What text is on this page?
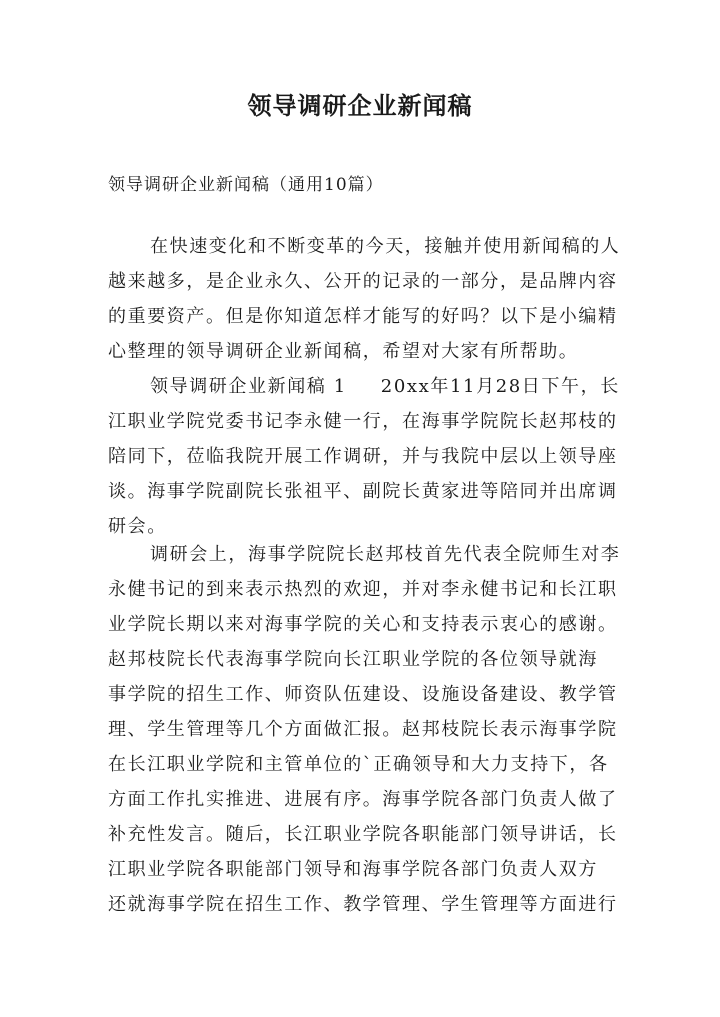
领导调研企业新闻稿
领导调研企业新闻稿（通用10篇）
在快速变化和不断变革的今天，接触并使用新闻稿的人
越来越多，是企业永久、公开的记录的一部分，是品牌内容
的重要资产。但是你知道怎样才能写的好吗？以下是小编精
心整理的领导调研企业新闻稿，希望对大家有所帮助。
领导调研企业新闻稿 1 20xx年11月28日下午，长
江职业学院党委书记李永健一行，在海事学院院长赵邦枝的
陪同下，莅临我院开展工作调研，并与我院中层以上领导座
谈。海事学院副院长张祖平、副院长黄家进等陪同并出席调
研会。
调研会上，海事学院院长赵邦枝首先代表全院师生对李
永健书记的到来表示热烈的欢迎，并对李永健书记和长江职
业学院长期以来对海事学院的关心和支持表示衷心的感谢。
赵邦枝院长代表海事学院向长江职业学院的各位领导就海
事学院的招生工作、师资队伍建设、设施设备建设、教学管
理、学生管理等几个方面做汇报。赵邦枝院长表示海事学院
在长江职业学院和主管单位的`正确领导和大力支持下，各
方面工作扎实推进、进展有序。海事学院各部门负责人做了
补充性发言。随后，长江职业学院各职能部门领导讲话，长
江职业学院各职能部门领导和海事学院各部门负责人双方
还就海事学院在招生工作、教学管理、学生管理等方面进行
